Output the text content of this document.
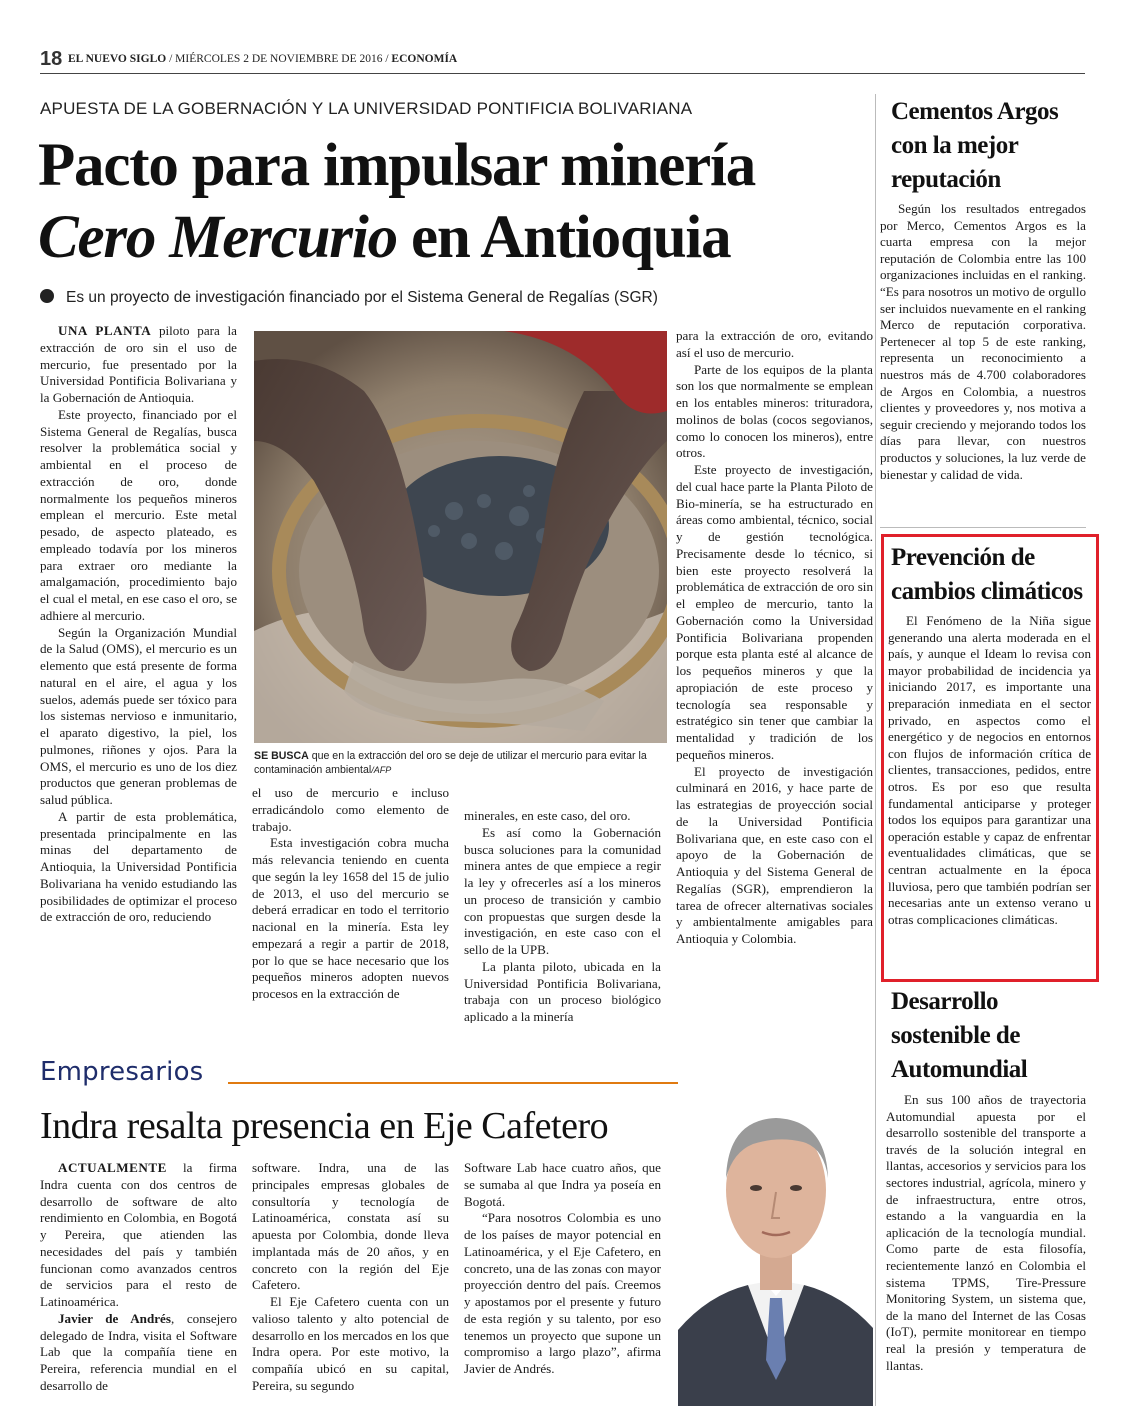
18 EL NUEVO SIGLO / MIÉRCOLES 2 DE NOVIEMBRE DE 2016 / ECONOMÍA
APUESTA DE LA GOBERNACIÓN Y LA UNIVERSIDAD PONTIFICIA BOLIVARIANA
Pacto para impulsar minería
Cero Mercurio en Antioquia
Es un proyecto de investigación financiado por el Sistema General de Regalías (SGR)

UNA PLANTA piloto para la extracción de oro sin el uso de mercurio, fue presentado por la Universidad Pontificia Bolivariana y la Gobernación de Antioquia.

Este proyecto, financiado por el Sistema General de Regalías, busca resolver la problemática social y ambiental en el proceso de extracción de oro, donde normalmente los pequeños mineros emplean el mercurio. Este metal pesado, de aspecto plateado, es empleado todavía por los mineros para extraer oro mediante la amalgamación, procedimiento bajo el cual el metal, en ese caso el oro, se adhiere al mercurio.

Según la Organización Mundial de la Salud (OMS), el mercurio es un elemento que está presente de forma natural en el aire, el agua y los suelos, además puede ser tóxico para los sistemas nervioso e inmunitario, el aparato digestivo, la piel, los pulmones, riñones y ojos. Para la OMS, el mercurio es uno de los diez productos que generan problemas de salud pública.

A partir de esta problemática, presentada principalmente en las minas del departamento de Antioquia, la Universidad Pontificia Bolivariana ha venido estudiando las posibilidades de optimizar el proceso de extracción de oro, reduciendo

SE BUSCA que en la extracción del oro se deje de utilizar el mercurio para evitar la contaminación ambiental/AFP

el uso de mercurio e incluso erradicándolo como elemento de trabajo.

Esta investigación cobra mucha más relevancia teniendo en cuenta que según la ley 1658 del 15 de julio de 2013, el uso del mercurio se deberá erradicar en todo el territorio nacional en la minería. Esta ley empezará a regir a partir de 2018, por lo que se hace necesario que los pequeños mineros adopten nuevos procesos en la extracción de

minerales, en este caso, del oro.

Es así como la Gobernación busca soluciones para la comunidad minera antes de que empiece a regir la ley y ofrecerles así a los mineros un proceso de transición y cambio con propuestas que surgen desde la investigación, en este caso con el sello de la UPB.

La planta piloto, ubicada en la Universidad Pontificia Bolivariana, trabaja con un proceso biológico aplicado a la minería

para la extracción de oro, evitando así el uso de mercurio.

Parte de los equipos de la planta son los que normalmente se emplean en los entables mineros: trituradora, molinos de bolas (cocos segovianos, como lo conocen los mineros), entre otros.

Este proyecto de investigación, del cual hace parte la Planta Piloto de Bio-minería, se ha estructurado en áreas como ambiental, técnico, social y de gestión tecnológica. Precisamente desde lo técnico, si bien este proyecto resolverá la problemática de extracción de oro sin el empleo de mercurio, tanto la Gobernación como la Universidad Pontificia Bolivariana propenden porque esta planta esté al alcance de los pequeños mineros y que la apropiación de este proceso y tecnología sea responsable y estratégico sin tener que cambiar la mentalidad y tradición de los pequeños mineros.

El proyecto de investigación culminará en 2016, y hace parte de las estrategias de proyección social de la Universidad Pontificia Bolivariana que, en este caso con el apoyo de la Gobernación de Antioquia y del Sistema General de Regalías (SGR), emprendieron la tarea de ofrecer alternativas sociales y ambientalmente amigables para Antioquia y Colombia.

Cementos Argos con la mejor reputación

Según los resultados entregados por Merco, Cementos Argos es la cuarta empresa con la mejor reputación de Colombia entre las 100 organizaciones incluidas en el ranking. “Es para nosotros un motivo de orgullo ser incluidos nuevamente en el ranking Merco de reputación corporativa. Pertenecer al top 5 de este ranking, representa un reconocimiento a nuestros más de 4.700 colaboradores de Argos en Colombia, a nuestros clientes y proveedores y, nos motiva a seguir creciendo y mejorando todos los días para llevar, con nuestros productos y soluciones, la luz verde de bienestar y calidad de vida.

Prevención de cambios climáticos

El Fenómeno de la Niña sigue generando una alerta moderada en el país, y aunque el Ideam lo revisa con mayor probabilidad de incidencia ya iniciando 2017, es importante una preparación inmediata en el sector privado, en aspectos como el energético y de negocios en entornos con flujos de información crítica de clientes, transacciones, pedidos, entre otros. Es por eso que resulta fundamental anticiparse y proteger todos los equipos para garantizar una operación estable y capaz de enfrentar eventualidades climáticas, que se centran actualmente en la época lluviosa, pero que también podrían ser necesarias ante un extenso verano u otras complicaciones climáticas.

Desarrollo sostenible de Automundial

En sus 100 años de trayectoria Automundial apuesta por el desarrollo sostenible del transporte a través de la solución integral en llantas, accesorios y servicios para los sectores industrial, agrícola, minero y de infraestructura, entre otros, estando a la vanguardia en la aplicación de la tecnología mundial. Como parte de esta filosofía, recientemente lanzó en Colombia el sistema TPMS, Tire-Pressure Monitoring System, un sistema que, de la mano del Internet de las Cosas (IoT), permite monitorear en tiempo real la presión y temperatura de llantas.

Empresarios
Indra resalta presencia en Eje Cafetero

ACTUALMENTE la firma Indra cuenta con dos centros de desarrollo de software de alto rendimiento en Colombia, en Bogotá y Pereira, que atienden las necesidades del país y también funcionan como avanzados centros de servicios para el resto de Latinoamérica.

Javier de Andrés, consejero delegado de Indra, visita el Software Lab que la compañía tiene en Pereira, referencia mundial en el desarrollo de

software. Indra, una de las principales empresas globales de consultoría y tecnología de Latinoamérica, constata así su apuesta por Colombia, donde lleva implantada más de 20 años, y en concreto con la región del Eje Cafetero.

El Eje Cafetero cuenta con un valioso talento y alto potencial de desarrollo en los mercados en los que Indra opera. Por este motivo, la compañía ubicó en su capital, Pereira, su segundo

Software Lab hace cuatro años, que se sumaba al que Indra ya poseía en Bogotá.

“Para nosotros Colombia es uno de los países de mayor potencial en Latinoamérica, y el Eje Cafetero, en concreto, una de las zonas con mayor proyección dentro del país. Creemos y apostamos por el presente y futuro de esta región y su talento, por eso tenemos un proyecto que supone un compromiso a largo plazo”, afirma Javier de Andrés.
